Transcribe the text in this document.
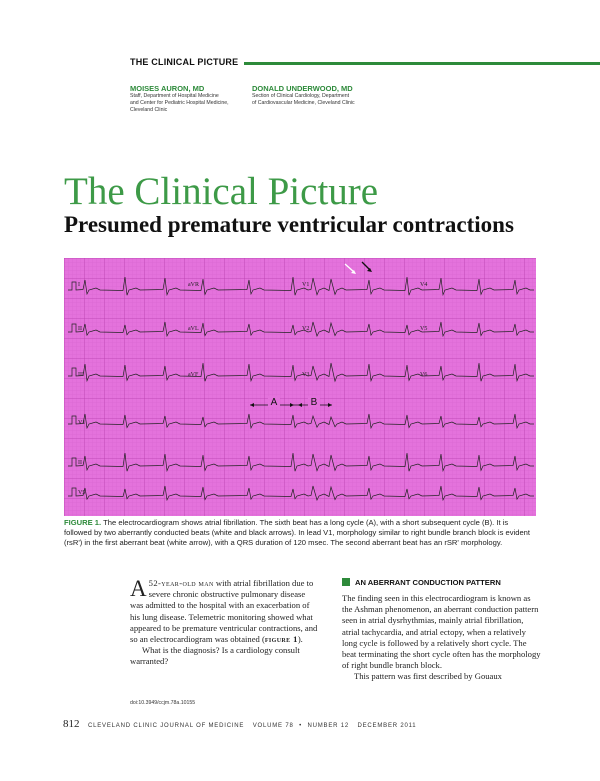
THE CLINICAL PICTURE
MOISES AURON, MD
Staff, Department of Hospital Medicine
and Center for Pediatric Hospital Medicine,
Cleveland Clinic
DONALD UNDERWOOD, MD
Section of Clinical Cardiology, Department
of Cardiovascular Medicine, Cleveland Clinic
The Clinical Picture
Presumed premature ventricular contractions
I	aVR	V1	V4
II	aVL	V2	V5
III	aVF	V3	V6
V1
II
V5
A	B
FIGURE 1. The electrocardiogram shows atrial fibrillation. The sixth beat has a long cycle (A), with a short subsequent cycle (B). It is followed by two aberrantly conducted beats (white and black arrows). In lead V1, morphology similar to right bundle branch block is evident (rsR') in the first aberrant beat (white arrow), with a QRS duration of 120 msec. The second aberrant beat has an rSR' morphology.

A 52-year-old man with atrial fibrillation due to severe chronic obstructive pulmonary disease was admitted to the hospital with an exacerbation of his lung disease. Telemetric monitoring showed what appeared to be premature ventricular contractions, and so an electrocardiogram was obtained (figure 1).

What is the diagnosis? Is a cardiology consult warranted?

doi:10.3949/ccjm.78a.10155
AN ABERRANT CONDUCTION PATTERN

The finding seen in this electrocardiogram is known as the Ashman phenomenon, an aberrant conduction pattern seen in atrial dysrhythmias, mainly atrial fibrillation, atrial tachycardia, and atrial ectopy, when a relatively long cycle is followed by a relatively short cycle. The beat terminating the short cycle often has the morphology of right bundle branch block.

This pattern was first described by Gouaux

812 CLEVELAND CLINIC JOURNAL OF MEDICINE VOLUME 78 • NUMBER 12 DECEMBER 2011
